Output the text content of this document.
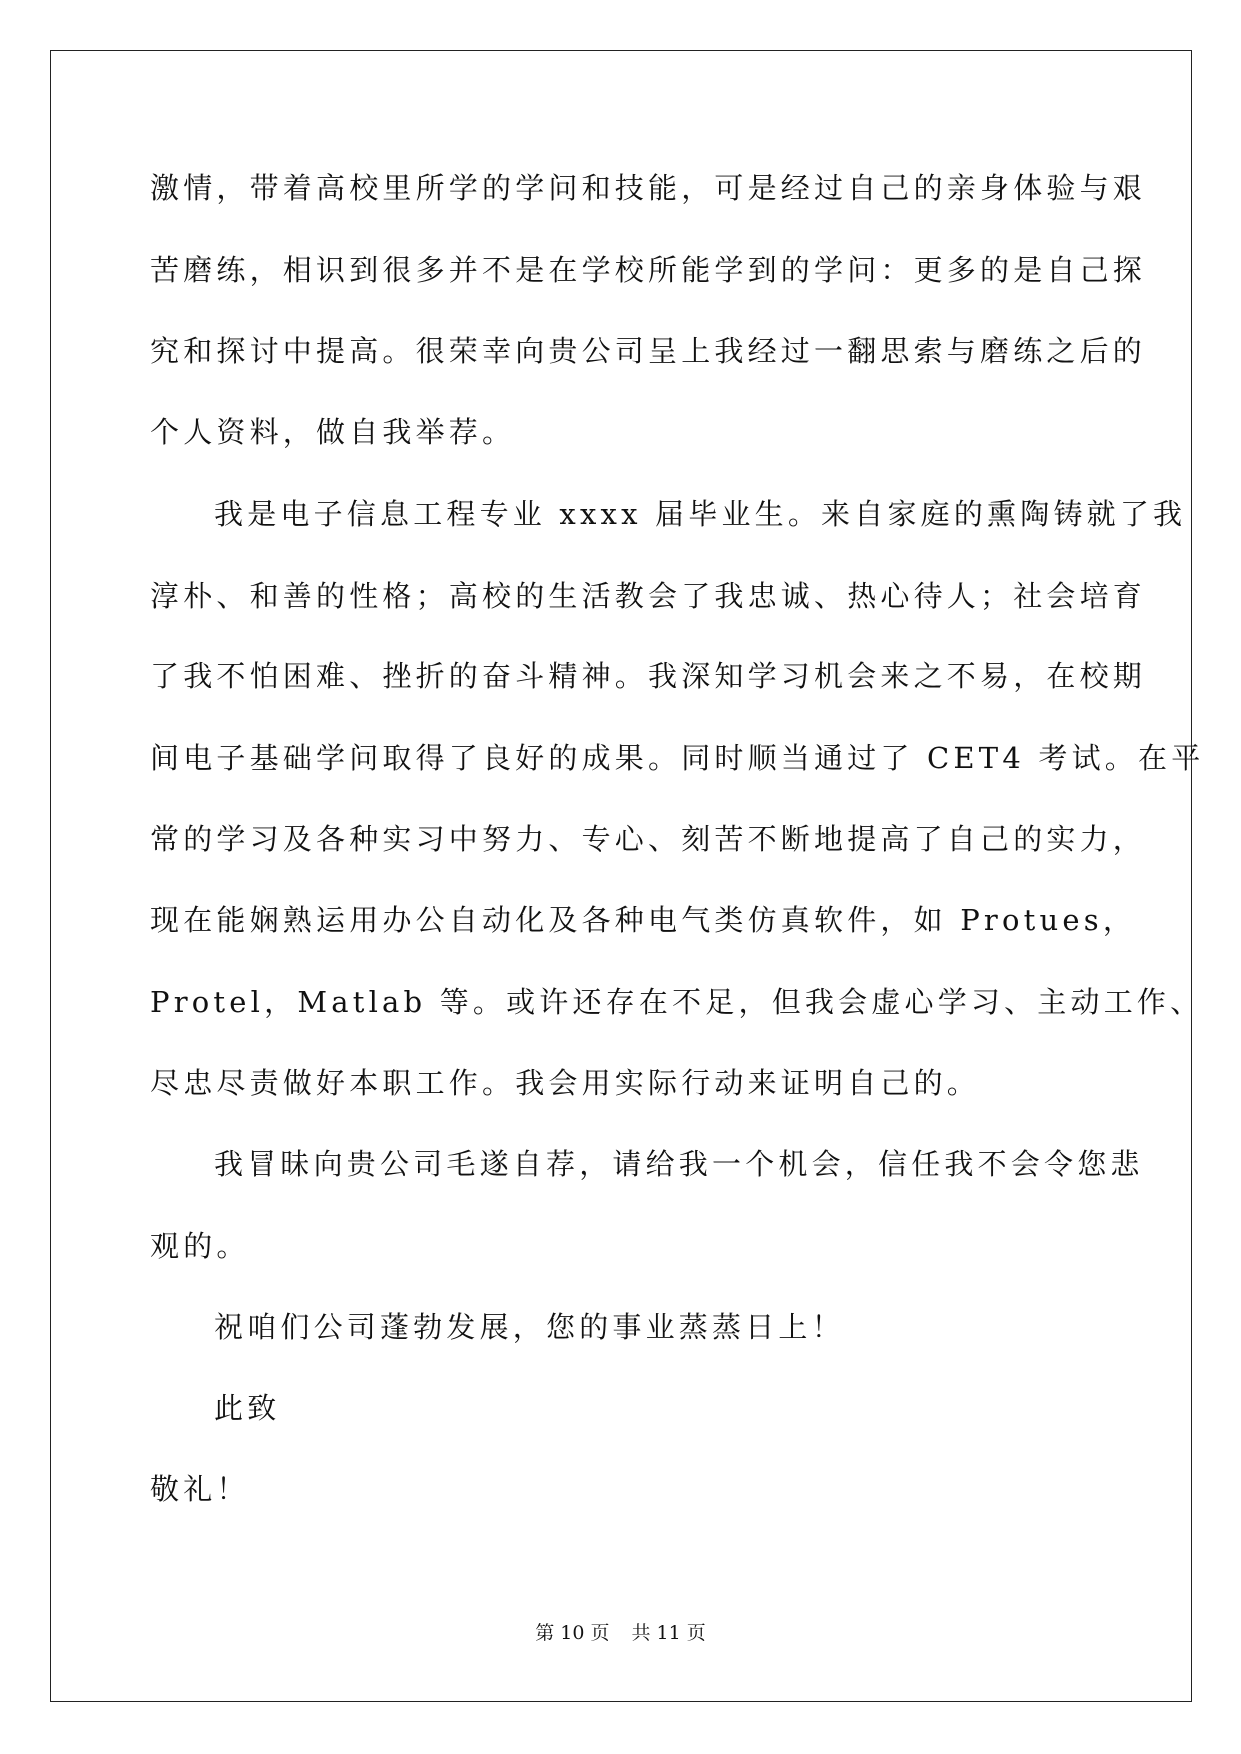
激情，带着高校里所学的学问和技能，可是经过自己的亲身体验与艰
苦磨练，相识到很多并不是在学校所能学到的学问：更多的是自己探
究和探讨中提高。很荣幸向贵公司呈上我经过一翻思索与磨练之后的
个人资料，做自我举荐。
我是电子信息工程专业 xxxx 届毕业生。来自家庭的熏陶铸就了我
淳朴、和善的性格；高校的生活教会了我忠诚、热心待人；社会培育
了我不怕困难、挫折的奋斗精神。我深知学习机会来之不易，在校期
间电子基础学问取得了良好的成果。同时顺当通过了 CET4 考试。在平
常的学习及各种实习中努力、专心、刻苦不断地提高了自己的实力，
现在能娴熟运用办公自动化及各种电气类仿真软件，如 Protues，
Protel，Matlab 等。或许还存在不足，但我会虚心学习、主动工作、
尽忠尽责做好本职工作。我会用实际行动来证明自己的。
我冒昧向贵公司毛遂自荐，请给我一个机会，信任我不会令您悲
观的。
祝咱们公司蓬勃发展，您的事业蒸蒸日上！
此致
敬礼！
第 10 页 共 11 页
